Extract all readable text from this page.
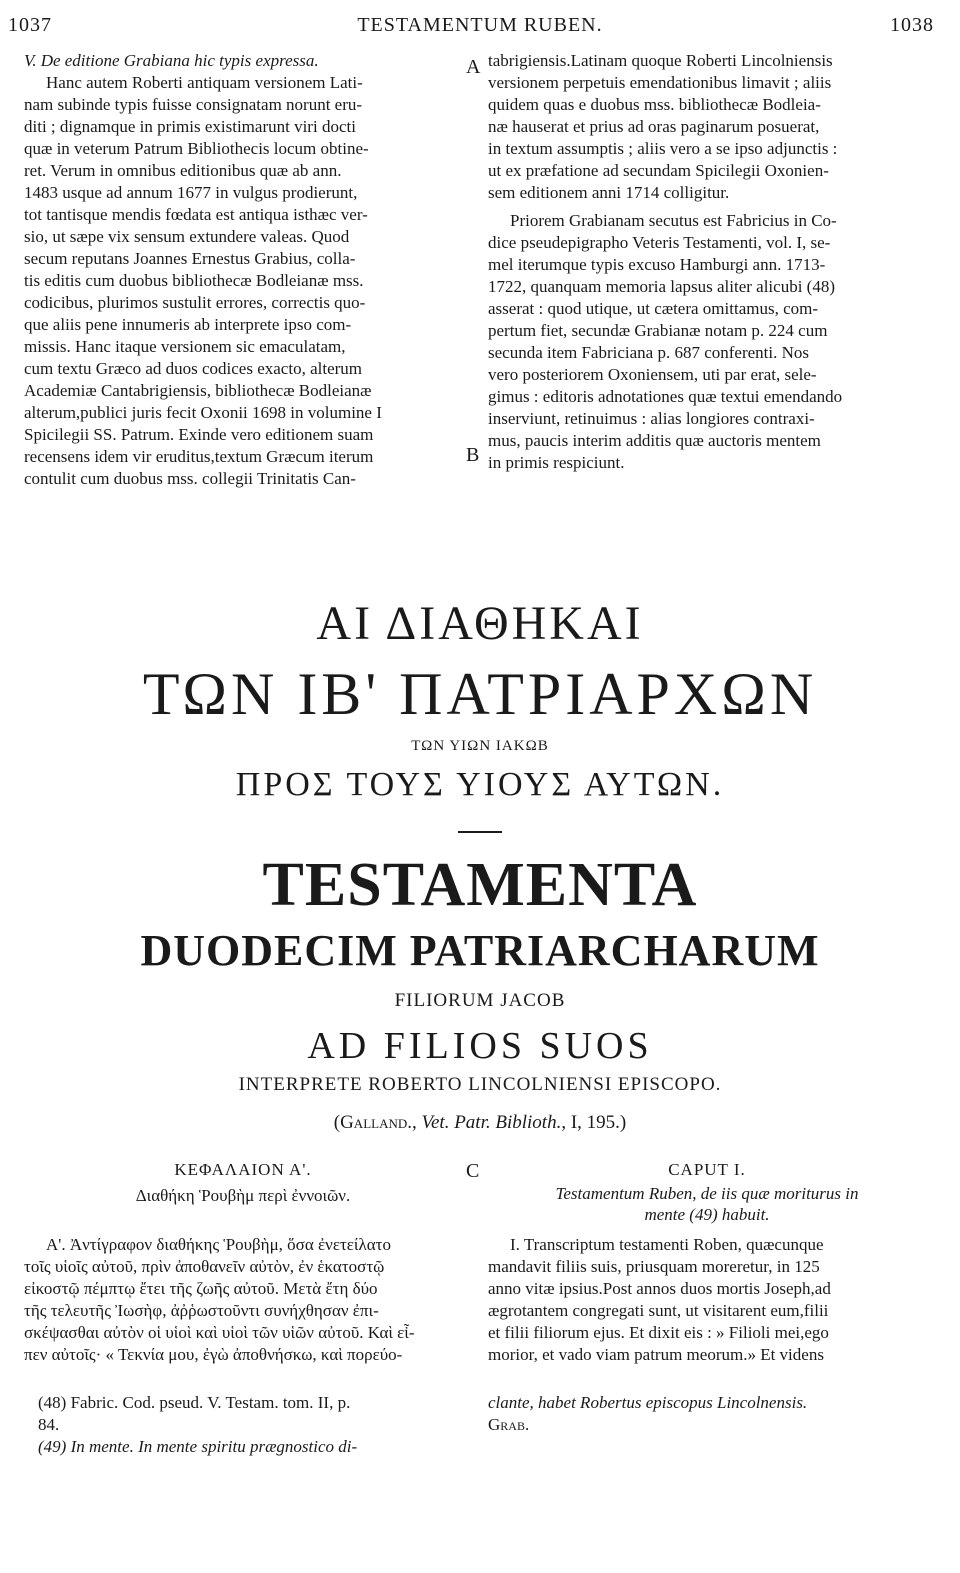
1037	TESTAMENTUM RUBEN.	1038
V. De editione Grabiana hic typis expressa.
Hanc autem Roberti antiquam versionem Lati-
nam subinde typis fuisse consignatam norunt eru-
diti ; dignamque in primis existimarunt viri docti
quæ in veterum Patrum Bibliothecis locum obtine-
ret. Verum in omnibus editionibus quæ ab ann.
1483 usque ad annum 1677 in vulgus prodierunt,
tot tantisque mendis fœdata est antiqua isthæc ver-
sio, ut sæpe vix sensum extundere valeas. Quod
secum reputans Joannes Ernestus Grabius, colla-
tis editis cum duobus bibliothecæ Bodleianæ mss.
codicibus, plurimos sustulit errores, correctis quo-
que aliis pene innumeris ab interprete ipso com-
missis. Hanc itaque versionem sic emaculatam,
cum textu Græco ad duos codices exacto, alterum
Academiæ Cantabrigiensis, bibliothecæ Bodleianæ
alterum,publici juris fecit Oxonii 1698 in volumine I
Spicilegii SS. Patrum. Exinde vero editionem suam
recensens idem vir eruditus,textum Græcum iterum
contulit cum duobus mss. collegii Trinitatis Can-
A
B
tabrigiensis.Latinam quoque Roberti Lincolniensis
versionem perpetuis emendationibus limavit ; aliis
quidem quas e duobus mss. bibliothecæ Bodleia-
næ hauserat et prius ad oras paginarum posuerat,
in textum assumptis ; aliis vero a se ipso adjunctis :
ut ex præfatione ad secundam Spicilegii Oxonien-
sem editionem anni 1714 colligitur.
Priorem Grabianam secutus est Fabricius in Co-
dice pseudepigrapho Veteris Testamenti, vol. I, se-
mel iterumque typis excuso Hamburgi ann. 1713-
1722, quanquam memoria lapsus aliter alicubi (48)
asserat : quod utique, ut cætera omittamus, com-
pertum fiet, secundæ Grabianæ notam p. 224 cum
secunda item Fabriciana p. 687 conferenti. Nos
vero posteriorem Oxoniensem, uti par erat, sele-
gimus : editoris adnotationes quæ textui emendando
inserviunt, retinuimus : alias longiores contraxi-
mus, paucis interim additis quæ auctoris mentem
in primis respiciunt.
ΑΙ ΔΙΑΘΗΚΑΙ
ΤΩΝ ΙΒ' ΠΑΤΡΙΑΡΧΩΝ
ΤΩΝ ΥΙΩΝ ΙΑΚΩΒ
ΠΡΟΣ ΤΟΥΣ ΥΙΟΥΣ ΑΥΤΩΝ.
TESTAMENTA
DUODECIM PATRIARCHARUM
FILIORUM JACOB
AD FILIOS SUOS
INTERPRETE ROBERTO LINCOLNIENSI EPISCOPO.
(Galland., Vet. Patr. Biblioth., I, 195.)
ΚΕΦΑΛΑΙΟΝ Α'.
Διαθήκη Ῥουβὴμ περὶ ἐννοιῶν.
C	CAPUT I.
Testamentum Ruben, de iis quæ moriturus in
mente (49) habuit.
Α'. Ἀντίγραφον διαθήκης Ῥουβὴμ, ὅσα ἐνετείλατο
τοῖς υἱοῖς αὐτοῦ, πρὶν ἀποθανεῖν αὐτὸν, ἐν ἑκατοστῷ
εἰκοστῷ πέμπτῳ ἔτει τῆς ζωῆς αὐτοῦ. Μετὰ ἔτη δύο
τῆς τελευτῆς Ἰωσὴφ, ἀῤῥωστοῦντι συνήχθησαν ἐπι-
σκέψασθαι αὐτὸν οἱ υἱοὶ καὶ υἱοὶ τῶν υἱῶν αὐτοῦ. Καὶ εἶ-
πεν αὐτοῖς· « Τεκνία μου, ἐγὼ ἀποθνήσκω, καὶ πορεύο-
I. Transcriptum testamenti Roben, quæcunque
mandavit filiis suis, priusquam moreretur, in 125
anno vitæ ipsius.Post annos duos mortis Joseph,ad
ægrotantem congregati sunt, ut visitarent eum,filii
et filii filiorum ejus. Et dixit eis : » Filioli mei,ego
morior, et vado viam patrum meorum.» Et videns
(48) Fabric. Cod. pseud. V. Testam. tom. II, p.
84.
(49) In mente. In mente spiritu prægnostico di-
clante, habet Robertus episcopus Lincolnensis.
Grab.
